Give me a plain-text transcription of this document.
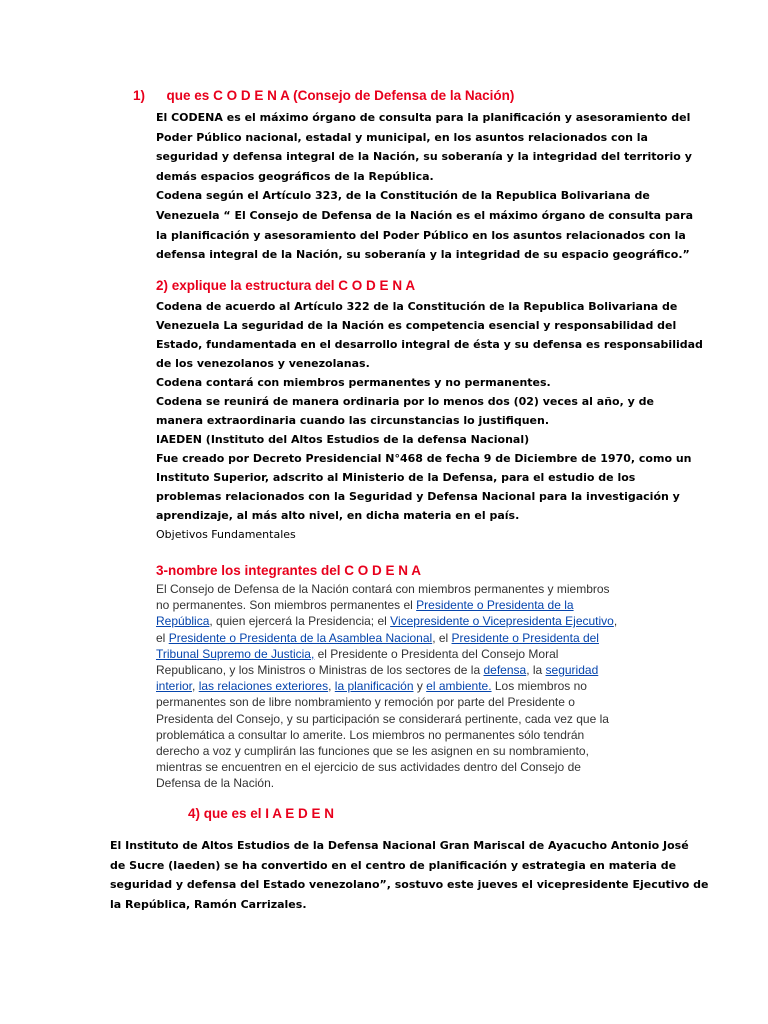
1) que es C O D E N A (Consejo de Defensa de la Nación)
El CODENA es el máximo órgano de consulta para la planificación y asesoramiento del
Poder Público nacional, estadal y municipal, en los asuntos relacionados con la
seguridad y defensa integral de la Nación, su soberanía y la integridad del territorio y
demás espacios geográficos de la República.
Codena según el Artículo 323, de la Constitución de la Republica Bolivariana de
Venezuela “ El Consejo de Defensa de la Nación es el máximo órgano de consulta para
la planificación y asesoramiento del Poder Público en los asuntos relacionados con la
defensa integral de la Nación, su soberanía y la integridad de su espacio geográfico.”
2) explique la estructura del C O D E N A
Codena de acuerdo al Artículo 322 de la Constitución de la Republica Bolivariana de
Venezuela La seguridad de la Nación es competencia esencial y responsabilidad del
Estado, fundamentada en el desarrollo integral de ésta y su defensa es responsabilidad
de los venezolanos y venezolanas.
Codena contará con miembros permanentes y no permanentes.
Codena se reunirá de manera ordinaria por lo menos dos (02) veces al año, y de
manera extraordinaria cuando las circunstancias lo justifiquen.
IAEDEN (Instituto del Altos Estudios de la defensa Nacional)
Fue creado por Decreto Presidencial N°468 de fecha 9 de Diciembre de 1970, como un
Instituto Superior, adscrito al Ministerio de la Defensa, para el estudio de los
problemas relacionados con la Seguridad y Defensa Nacional para la investigación y
aprendizaje, al más alto nivel, en dicha materia en el país.
Objetivos Fundamentales
3-nombre los integrantes del C O D E N A
El Consejo de Defensa de la Nación contará con miembros permanentes y miembros
no permanentes. Son miembros permanentes el Presidente o Presidenta de la
República, quien ejercerá la Presidencia; el Vicepresidente o Vicepresidenta Ejecutivo,
el Presidente o Presidenta de la Asamblea Nacional, el Presidente o Presidenta del
Tribunal Supremo de Justicia, el Presidente o Presidenta del Consejo Moral
Republicano, y los Ministros o Ministras de los sectores de la defensa, la seguridad
interior, las relaciones exteriores, la planificación y el ambiente. Los miembros no
permanentes son de libre nombramiento y remoción por parte del Presidente o
Presidenta del Consejo, y su participación se considerará pertinente, cada vez que la
problemática a consultar lo amerite. Los miembros no permanentes sólo tendrán
derecho a voz y cumplirán las funciones que se les asignen en su nombramiento,
mientras se encuentren en el ejercicio de sus actividades dentro del Consejo de
Defensa de la Nación.
4) que es el I A E D E N
El Instituto de Altos Estudios de la Defensa Nacional Gran Mariscal de Ayacucho Antonio José
de Sucre (Iaeden) se ha convertido en el centro de planificación y estrategia en materia de
seguridad y defensa del Estado venezolano”, sostuvo este jueves el vicepresidente Ejecutivo de
la República, Ramón Carrizales.
